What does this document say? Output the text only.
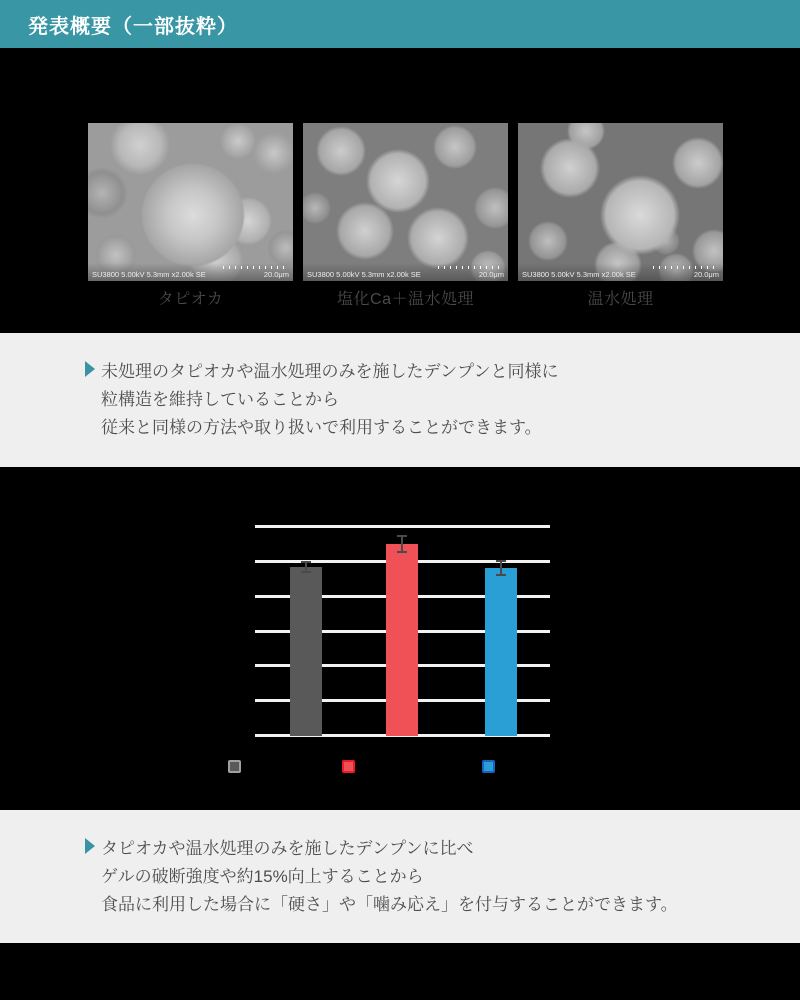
発表概要（一部抜粋）
SU3800 5.00kV 5.3mm x2.00k SE	20.0μm
タピオカ
SU3800 5.00kV 5.3mm x2.00k SE	20.0μm
塩化Ca＋温水処理
SU3800 5.00kV 5.3mm x2.00k SE	20.0μm
温水処理
未処理のタピオカや温水処理のみを施したデンプンと同様に
粒構造を維持していることから
従来と同様の方法や取り扱いで利用することができます。
タピオカや温水処理のみを施したデンプンに比べ
ゲルの破断強度や約15%向上することから
食品に利用した場合に「硬さ」や「噛み応え」を付与することができます。
